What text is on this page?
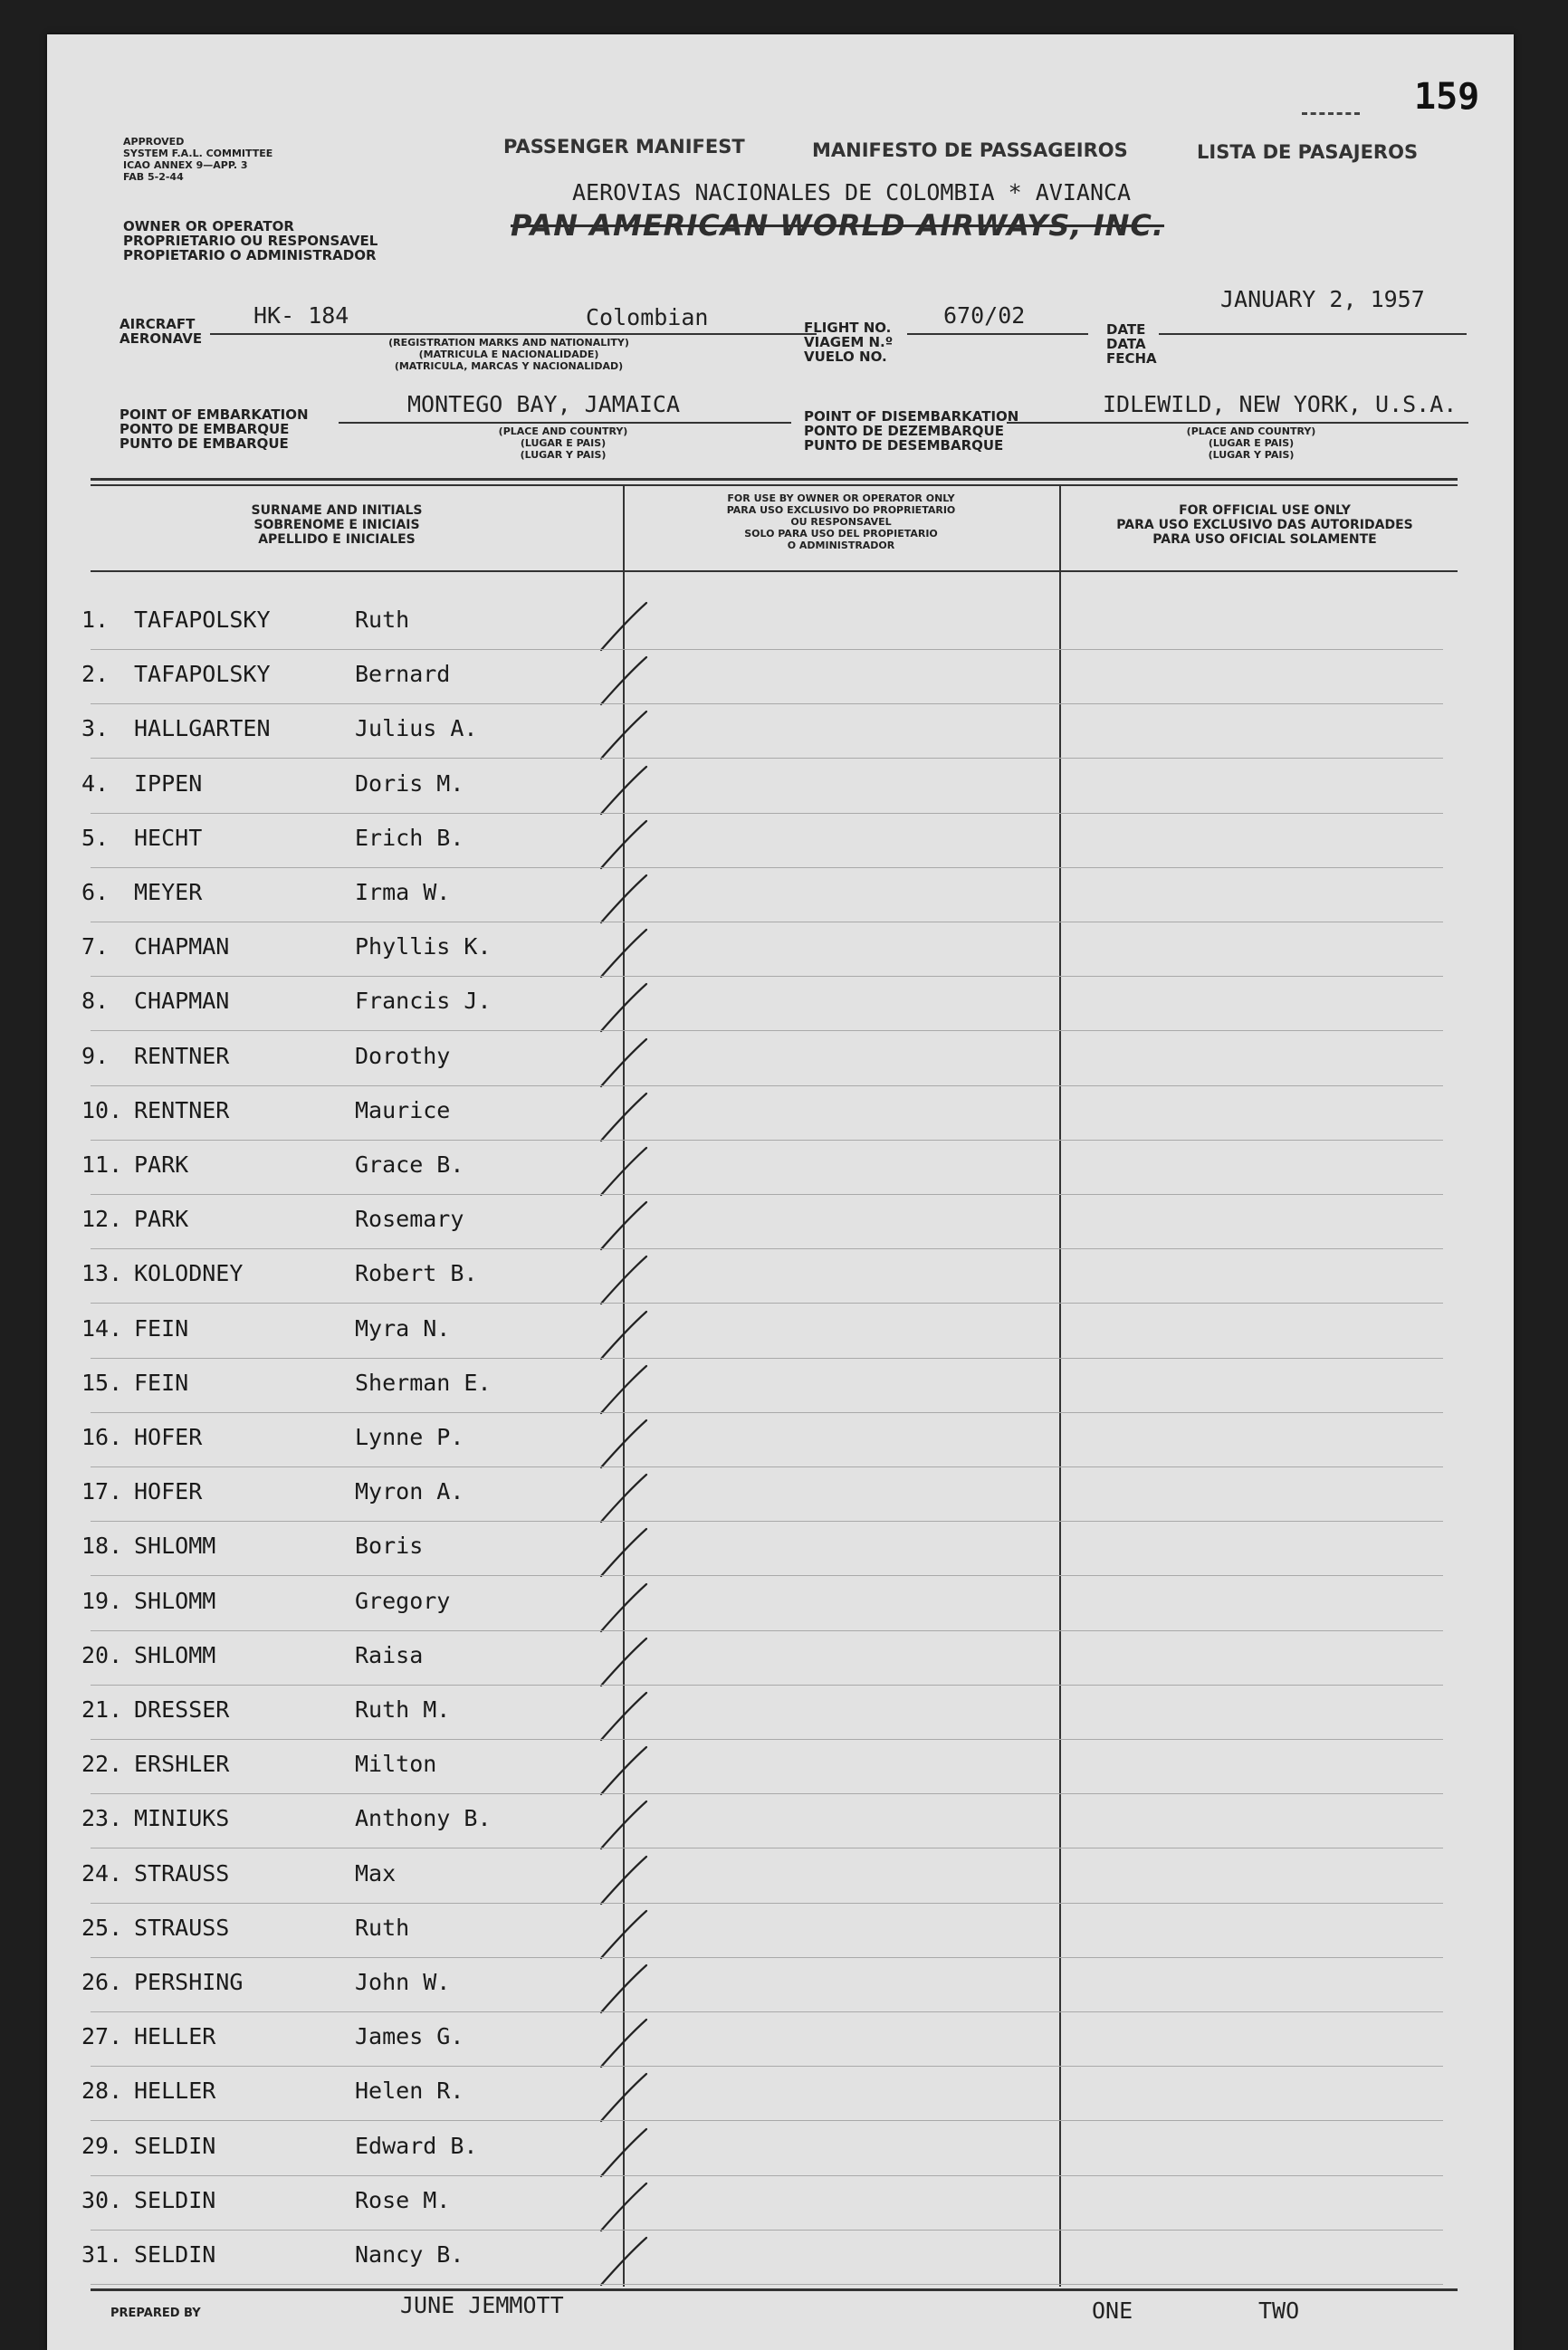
159
APPROVED
SYSTEM F.A.L. COMMITTEE
ICAO ANNEX 9—APP. 3
FAB 5-2-44
PASSENGER MANIFEST	MANIFESTO DE PASSAGEIROS	LISTA DE PASAJEROS
OWNER OR OPERATOR
PROPRIETARIO OU RESPONSAVEL
PROPIETARIO O ADMINISTRADOR
AEROVIAS NACIONALES DE COLOMBIA * AVIANCA
PAN AMERICAN WORLD AIRWAYS, INC.
AIRCRAFT
AERONAVE
HK- 184	Colombian
(REGISTRATION MARKS AND NATIONALITY)
(MATRICULA E NACIONALIDADE)
(MATRICULA, MARCAS Y NACIONALIDAD)
FLIGHT NO.
VIAGEM N.º
VUELO NO.
670/02
DATE
DATA
FECHA
JANUARY 2, 1957
POINT OF EMBARKATION
PONTO DE EMBARQUE
PUNTO DE EMBARQUE
MONTEGO BAY, JAMAICA
(PLACE AND COUNTRY)
(LUGAR E PAIS)
(LUGAR Y PAIS)
POINT OF DISEMBARKATION
PONTO DE DEZEMBARQUE
PUNTO DE DESEMBARQUE
IDLEWILD, NEW YORK, U.S.A.
(PLACE AND COUNTRY)
(LUGAR E PAIS)
(LUGAR Y PAIS)
SURNAME AND INITIALS
SOBRENOME E INICIAIS
APELLIDO E INICIALES
FOR USE BY OWNER OR OPERATOR ONLY
PARA USO EXCLUSIVO DO PROPRIETARIO
OU RESPONSAVEL
SOLO PARA USO DEL PROPIETARIO
O ADMINISTRADOR
FOR OFFICIAL USE ONLY
PARA USO EXCLUSIVO DAS AUTORIDADES
PARA USO OFICIAL SOLAMENTE
1. TAFAPOLSKY	Ruth
2. TAFAPOLSKY	Bernard
3. HALLGARTEN	Julius A.
4. IPPEN	Doris M.
5. HECHT	Erich B.
6. MEYER	Irma W.
7. CHAPMAN	Phyllis K.
8. CHAPMAN	Francis J.
9. RENTNER	Dorothy
10. RENTNER	Maurice
11. PARK	Grace B.
12. PARK	Rosemary
13. KOLODNEY	Robert B.
14. FEIN	Myra N.
15. FEIN	Sherman E.
16. HOFER	Lynne P.
17. HOFER	Myron A.
18. SHLOMM	Boris
19. SHLOMM	Gregory
20. SHLOMM	Raisa
21. DRESSER	Ruth M.
22. ERSHLER	Milton
23. MINIUKS	Anthony B.
24. STRAUSS	Max
25. STRAUSS	Ruth
26. PERSHING	John W.
27. HELLER	James G.
28. HELLER	Helen R.
29. SELDIN	Edward B.
30. SELDIN	Rose M.
31. SELDIN	Nancy B.
PREPARED BY	JUNE JEMMOTT	ONE	TWO
